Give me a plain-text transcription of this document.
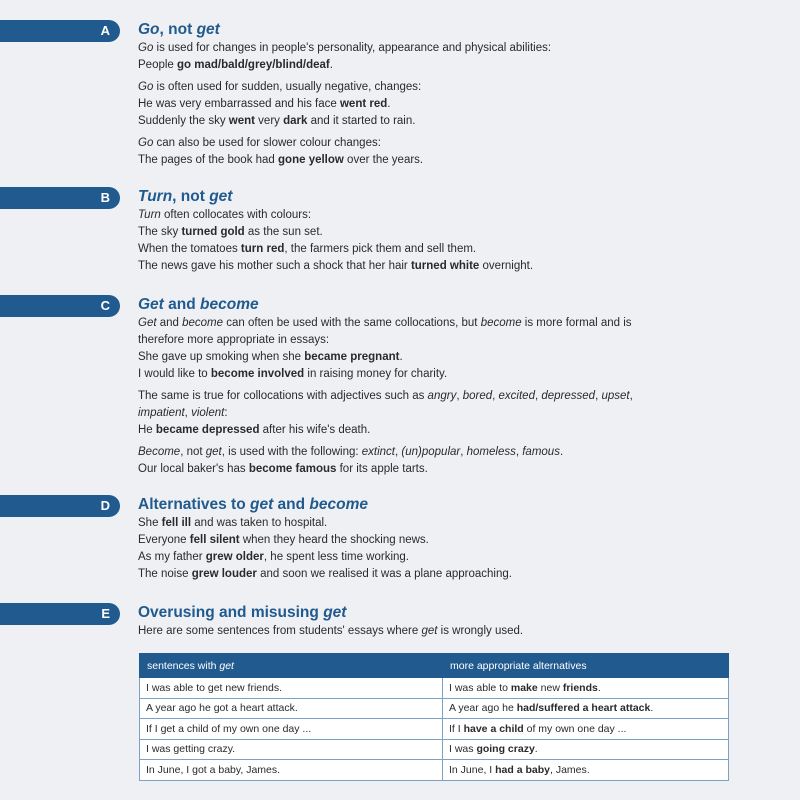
A Go, not get
Go is used for changes in people's personality, appearance and physical abilities:
People go mad/bald/grey/blind/deaf.
Go is often used for sudden, usually negative, changes:
He was very embarrassed and his face went red.
Suddenly the sky went very dark and it started to rain.
Go can also be used for slower colour changes:
The pages of the book had gone yellow over the years.
B Turn, not get
Turn often collocates with colours:
The sky turned gold as the sun set.
When the tomatoes turn red, the farmers pick them and sell them.
The news gave his mother such a shock that her hair turned white overnight.
C Get and become
Get and become can often be used with the same collocations, but become is more formal and is
therefore more appropriate in essays:
She gave up smoking when she became pregnant.
I would like to become involved in raising money for charity.
The same is true for collocations with adjectives such as angry, bored, excited, depressed, upset,
impatient, violent:
He became depressed after his wife's death.
Become, not get, is used with the following: extinct, (un)popular, homeless, famous.
Our local baker's has become famous for its apple tarts.
D Alternatives to get and become
She fell ill and was taken to hospital.
Everyone fell silent when they heard the shocking news.
As my father grew older, he spent less time working.
The noise grew louder and soon we realised it was a plane approaching.
E Overusing and misusing get
Here are some sentences from students' essays where get is wrongly used.
sentences with get	more appropriate alternatives
I was able to get new friends.	I was able to make new friends.
A year ago he got a heart attack.	A year ago he had/suffered a heart attack.
If I get a child of my own one day ...	If I have a child of my own one day ...
I was getting crazy.	I was going crazy.
In June, I got a baby, James.	In June, I had a baby, James.
